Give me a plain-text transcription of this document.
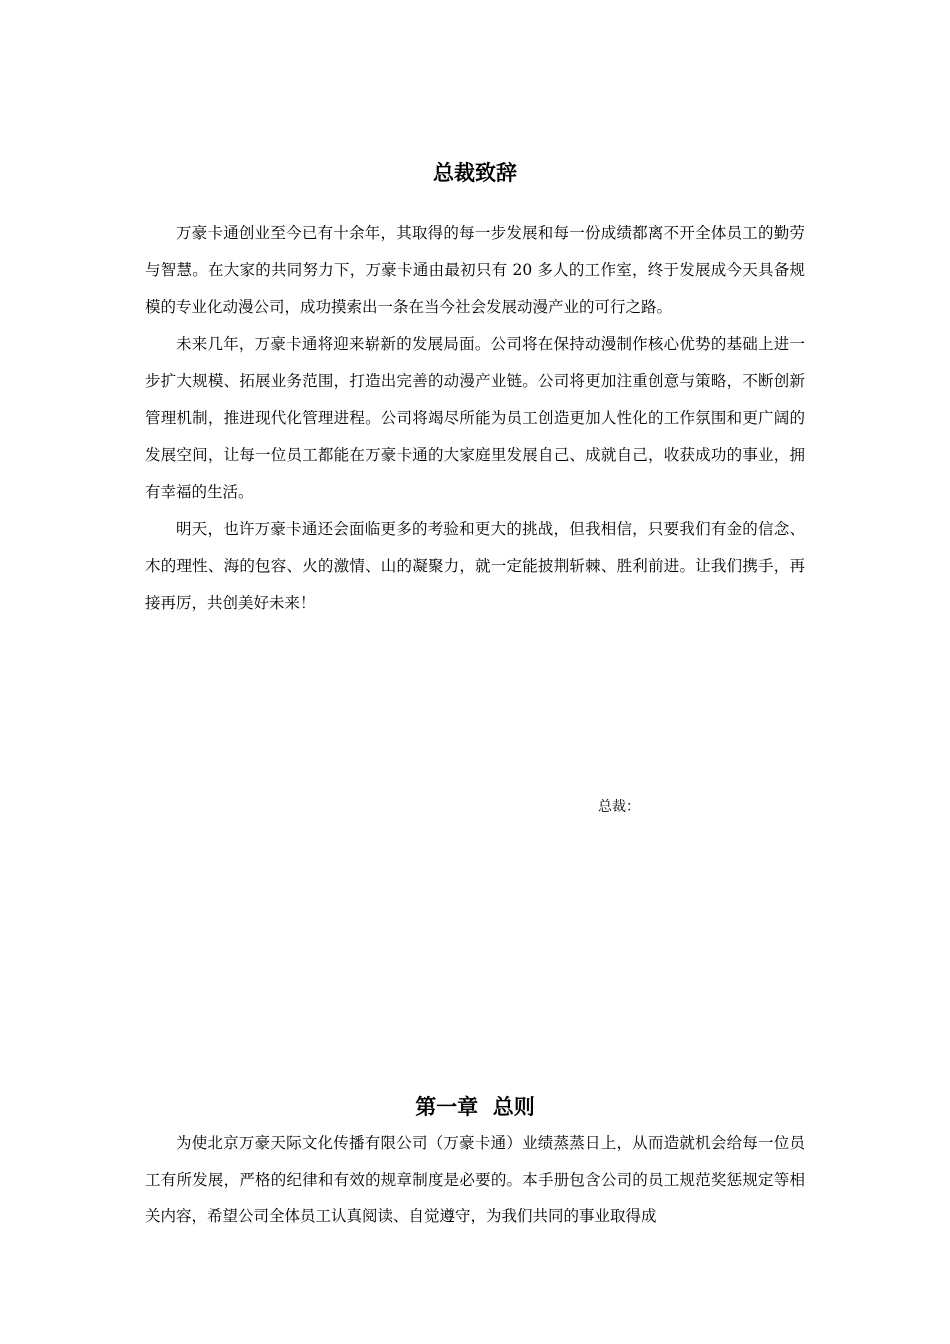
总裁致辞

万豪卡通创业至今已有十余年，其取得的每一步发展和每一份成绩都离不开全体员工的勤劳与智慧。在大家的共同努力下，万豪卡通由最初只有 20 多人的工作室，终于发展成今天具备规模的专业化动漫公司，成功摸索出一条在当今社会发展动漫产业的可行之路。

未来几年，万豪卡通将迎来崭新的发展局面。公司将在保持动漫制作核心优势的基础上进一步扩大规模、拓展业务范围，打造出完善的动漫产业链。公司将更加注重创意与策略，不断创新管理机制，推进现代化管理进程。公司将竭尽所能为员工创造更加人性化的工作氛围和更广阔的发展空间，让每一位员工都能在万豪卡通的大家庭里发展自己、成就自己，收获成功的事业，拥有幸福的生活。

明天，也许万豪卡通还会面临更多的考验和更大的挑战，但我相信，只要我们有金的信念、木的理性、海的包容、火的激情、山的凝聚力，就一定能披荆斩棘、胜利前进。让我们携手，再接再厉，共创美好未来！

总裁：
第一章  总则

为使北京万豪天际文化传播有限公司（万豪卡通）业绩蒸蒸日上，从而造就机会给每一位员工有所发展，严格的纪律和有效的规章制度是必要的。本手册包含公司的员工规范奖惩规定等相关内容，希望公司全体员工认真阅读、自觉遵守，为我们共同的事业取得成
